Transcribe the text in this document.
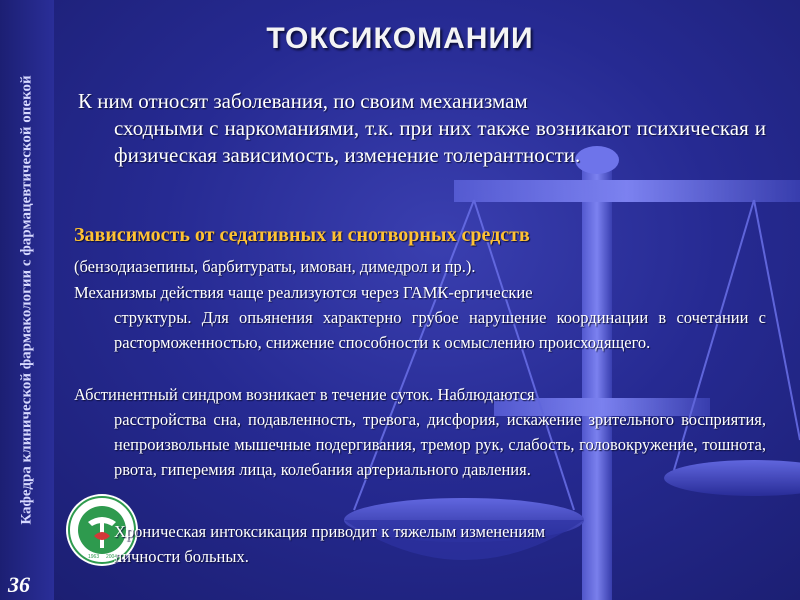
Кафедра клинической фармакологии с фармацевтической опекой
36
1963 2004
ТОКСИКОМАНИИ
К ним относят заболевания, по своим механизмам
сходными с наркоманиями, т.к. при них также возникают психическая и физическая зависимость, изменение толерантности.
Зависимость от седативных и снотворных средств
(бензодиазепины, барбитураты, имован, димедрол и пр.).
Механизмы действия чаще реализуются через ГАМК-ергические
структуры. Для опьянения характерно грубое нарушение координации в сочетании с расторможенностью, снижение способности к осмыслению происходящего.
Абстинентный синдром возникает в течение суток. Наблюдаются
расстройства сна, подавленность, тревога, дисфория, искажение зрительного восприятия, непроизвольные мышечные подергивания, тремор рук, слабость, головокружение, тошнота, рвота, гиперемия лица, колебания артериального давления.
Хроническая интоксикация приводит к тяжелым изменениям
личности больных.
